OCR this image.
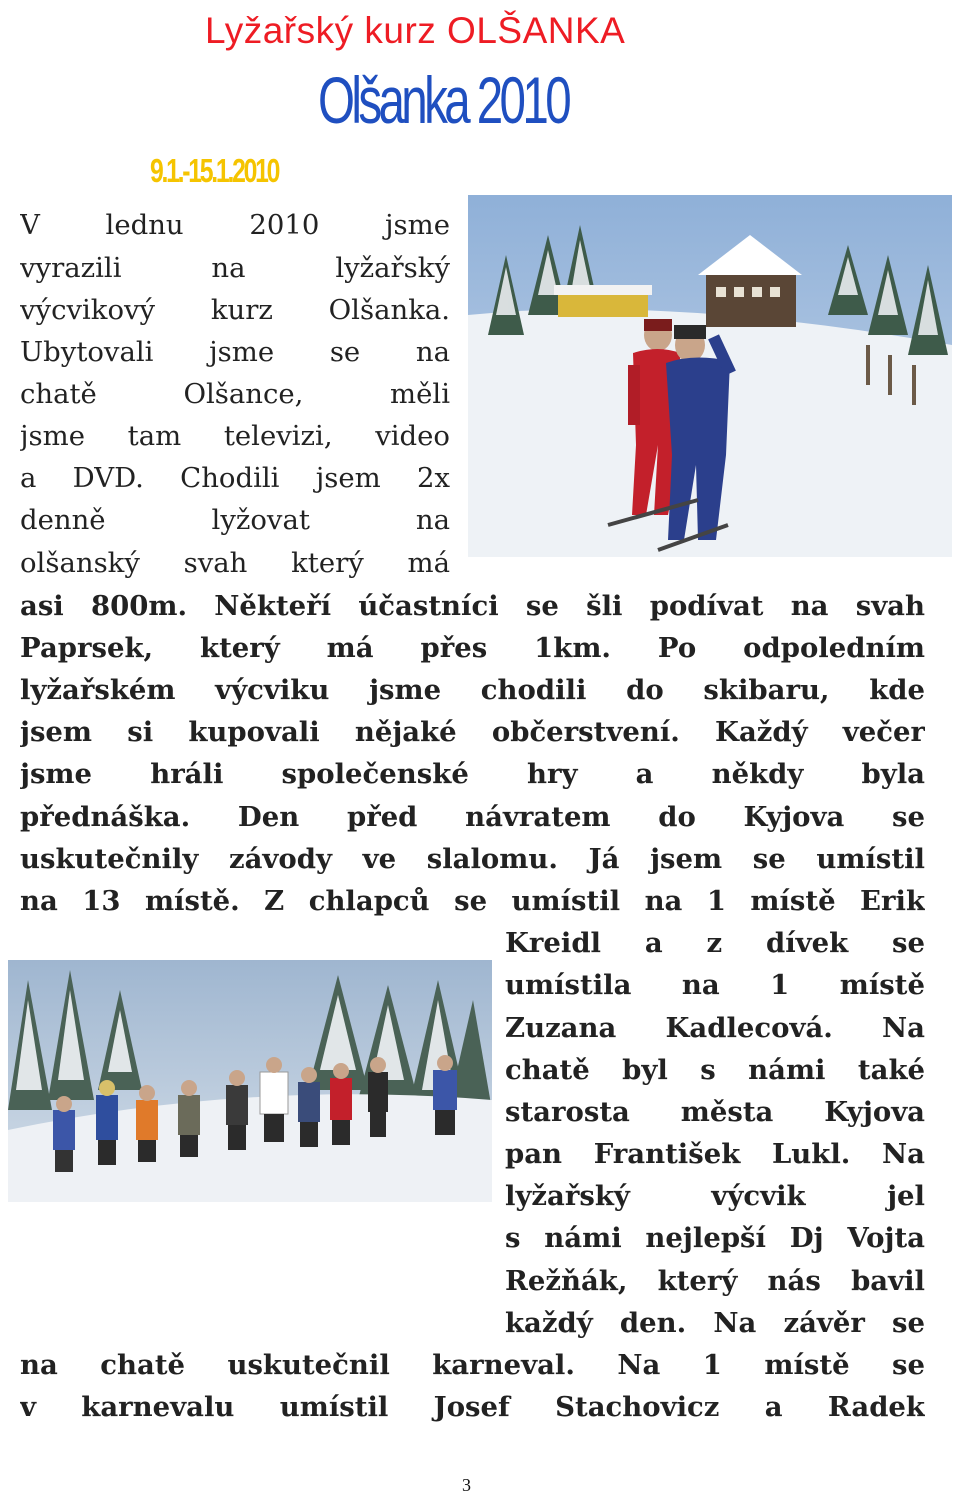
Lyžařský kurz OLŠANKA
Olšanka 2010
9.1.-15.1.2010
V lednu 2010 jsme
vyrazili na lyžařský
výcvikový kurz Olšanka.
Ubytovali jsme se na
chatě Olšance, měli
jsme tam televizi, video
a DVD. Chodili jsem 2x
denně lyžovat na
olšanský svah který má
asi 800m. Někteří účastníci se šli podívat na svah
Paprsek, který má přes 1km. Po odpoledním
lyžařském výcviku jsme chodili do skibaru, kde
jsem si kupovali nějaké občerstvení. Každý večer
jsme hráli společenské hry a někdy byla
přednáška. Den před návratem do Kyjova se
uskutečnily závody ve slalomu. Já jsem se umístil
na 13 místě. Z chlapců se umístil na 1 místě Erik
Kreidl a z dívek se
umístila na 1 místě
Zuzana Kadlecová. Na
chatě byl s námi také
starosta města Kyjova
pan František Lukl. Na
lyžařský výcvik jel
s námi nejlepší Dj Vojta
Režňák, který nás bavil
každý den. Na závěr se
na chatě uskutečnil karneval. Na 1 místě se
v karnevalu umístil Josef Stachovicz a Radek
3
